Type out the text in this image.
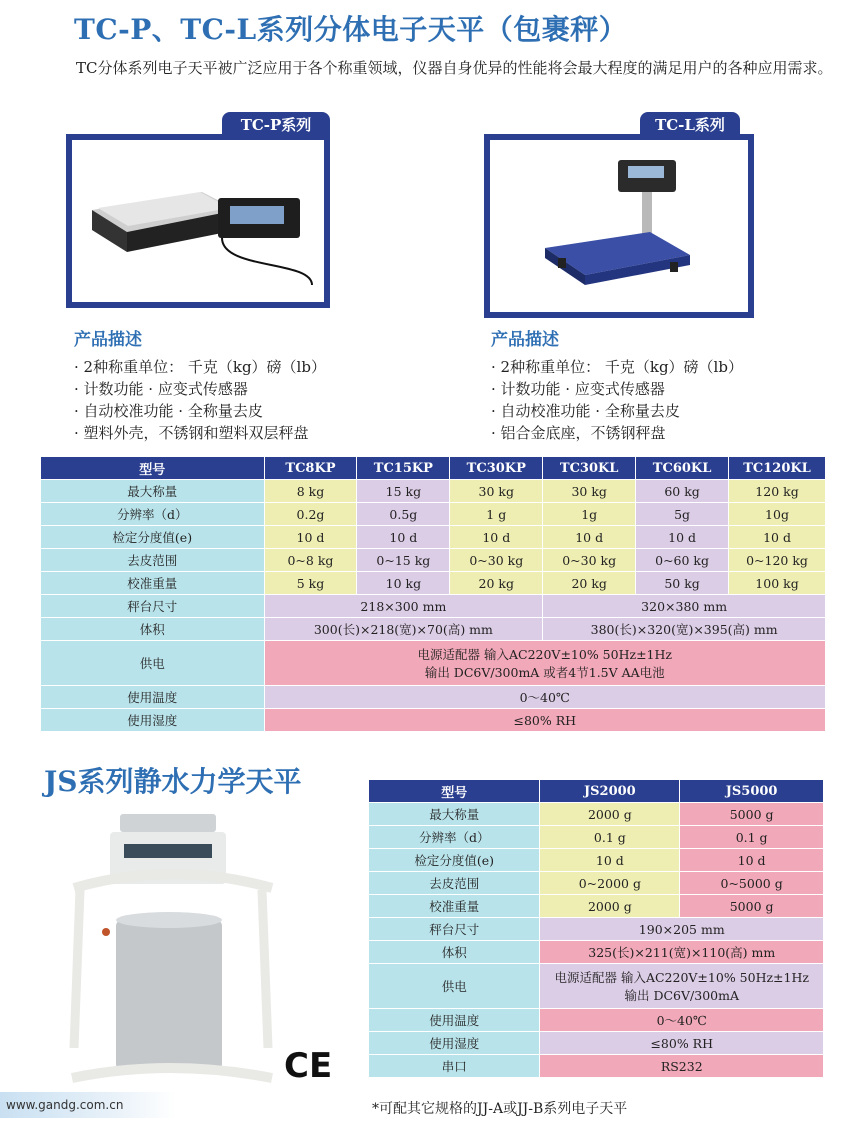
TC-P、TC-L系列分体电子天平（包裹秤）
TC分体系列电子天平被广泛应用于各个称重领域，仪器自身优异的性能将会最大程度的满足用户的各种应用需求。
TC-P系列	TC-L系列
产品描述
· 2种称重单位： 千克（kg）磅（lb）
· 计数功能 · 应变式传感器
· 自动校准功能 · 全称量去皮
· 塑料外壳，不锈钢和塑料双层秤盘
产品描述
· 2种称重单位： 千克（kg）磅（lb）
· 计数功能 · 应变式传感器
· 自动校准功能 · 全称量去皮
· 铝合金底座，不锈钢秤盘
型号	TC8KP	TC15KP	TC30KP	TC30KL	TC60KL	TC120KL
最大称量	8 kg	15 kg	30 kg	30 kg	60 kg	120 kg
分辨率（d）	0.2g	0.5g	1 g	1g	5g	10g
检定分度值(e)	10 d	10 d	10 d	10 d	10 d	10 d
去皮范围	0~8 kg	0~15 kg	0~30 kg	0~30 kg	0~60 kg	0~120 kg
校准重量	5 kg	10 kg	20 kg	20 kg	50 kg	100 kg
秤台尺寸	218×300 mm			320×380 mm		
体积	300(长)×218(宽)×70(高) mm			380(长)×320(宽)×395(高) mm		
供电	电源适配器 输入AC220V±10% 50Hz±1Hz
输出 DC6V/300mA 或者4节1.5V AA电池					

使用温度	0～40℃					
使用湿度	≤80% RH					
JS系列静水力学天平
CE
型号	JS2000	JS5000
最大称量	2000 g	5000 g
分辨率（d）	0.1 g	0.1 g
检定分度值(e)	10 d	10 d
去皮范围	0~2000 g	0~5000 g
校准重量	2000 g	5000 g
秤台尺寸	190×205 mm	
体积	325(长)×211(宽)×110(高) mm	
供电	电源适配器 输入AC220V±10% 50Hz±1Hz
输出 DC6V/300mA	

使用温度	0～40℃	
使用湿度	≤80% RH	
串口	RS232	
www.gandg.com.cn	*可配其它规格的JJ-A或JJ-B系列电子天平
